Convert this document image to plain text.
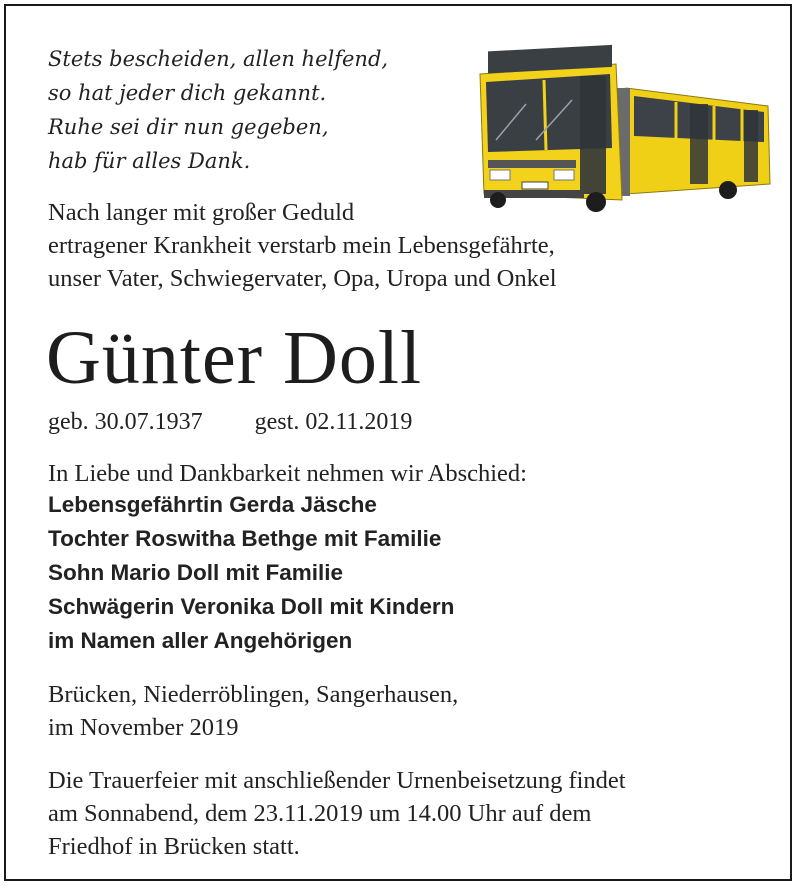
Stets bescheiden, allen helfend,
so hat jeder dich gekannt.
Ruhe sei dir nun gegeben,
hab für alles Dank.
Nach langer mit großer Geduld
ertragener Krankheit verstarb mein Lebensgefährte,
unser Vater, Schwiegervater, Opa, Uropa und Onkel
Günter Doll
geb. 30.07.1937 gest. 02.11.2019
In Liebe und Dankbarkeit nehmen wir Abschied:
Lebensgefährtin Gerda Jäsche
Tochter Roswitha Bethge mit Familie
Sohn Mario Doll mit Familie
Schwägerin Veronika Doll mit Kindern
im Namen aller Angehörigen
Brücken, Niederröblingen, Sangerhausen,
im November 2019
Die Trauerfeier mit anschließender Urnenbeisetzung findet
am Sonnabend, dem 23.11.2019 um 14.00 Uhr auf dem
Friedhof in Brücken statt.
